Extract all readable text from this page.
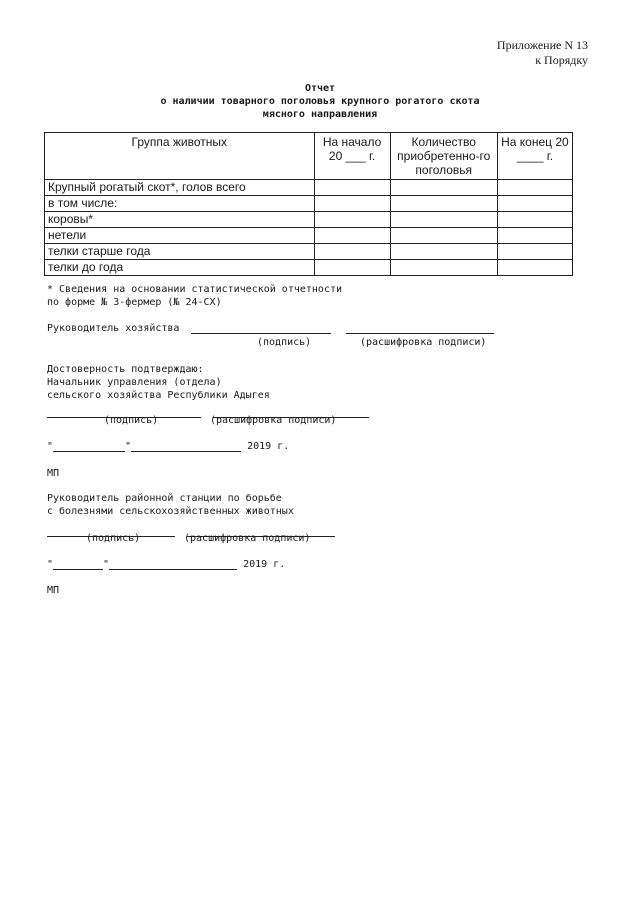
Приложение N 13
к Порядку
Отчет
о наличии товарного поголовья крупного рогатого скота
мясного направления
Группа животных	На начало 20 ___ г.	Количество приобретенно-го поголовья	На конец 20 ____ г.
Крупный рогатый скот*, голов всего			
в том числе:			
коровы*			
нетели			
телки старше года			
телки до года			
* Сведения на основании статистической отчетности
по форме № 3-фермер (№ 24-СХ)
Руководитель хозяйства
(подпись)	(расшифровка подписи)
Достоверность подтверждаю:
Начальник управления (отдела)
сельского хозяйства Республики Адыгея

(подпись)	(расшифровка подписи)
"	"	2019 г.
МП
Руководитель районной станции по борьбе
с болезнями сельскохозяйственных животных

(подпись)	(расшифровка подписи)
"	"	2019 г.
МП
